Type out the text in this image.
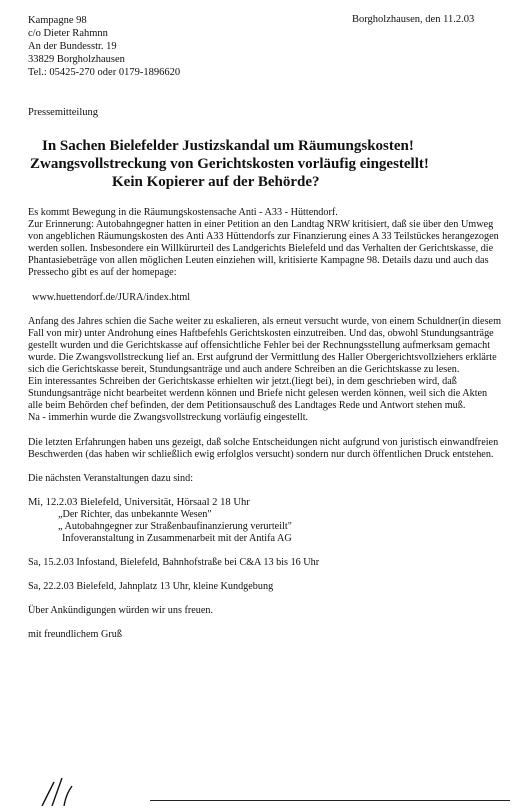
Kampagne 98
c/o Dieter Rahmnn
An der Bundesstr. 19
33829 Borgholzhausen
Tel.: 05425-270 oder 0179-1896620
Borgholzhausen, den 11.2.03
Pressemitteilung
In Sachen Bielefelder Justizskandal um Räumungskosten!
Zwangsvollstreckung von Gerichtskosten vorläufig eingestellt!
Kein Kopierer auf der Behörde?

Es kommt Bewegung in die Räumungskostensache Anti - A33 - Hüttendorf.

Zur Erinnerung: Autobahngegner hatten in einer Petition an den Landtag NRW kritisiert, daß sie über den Umweg von angeblichen Räumungskosten des Anti A33 Hüttendorfs zur Finanzierung eines A 33 Teilstückes herangezogen werden sollen. Insbesondere ein Willkürurteil des Landgerichts Bielefeld und das Verhalten der Gerichtskasse, die Phantasiebeträge von allen möglichen Leuten einziehen will, kritisierte Kampagne 98. Details dazu und auch das Pressecho gibt es auf der homepage:

www.huettendorf.de/JURA/index.html

Anfang des Jahres schien die Sache weiter zu eskalieren, als erneut versucht wurde, von einem Schuldner(in diesem Fall von mir) unter Androhung eines Haftbefehls Gerichtskosten einzutreiben. Und das, obwohl Stundungsanträge gestellt wurden und die Gerichtskasse auf offensichtliche Fehler bei der Rechnungsstellung aufmerksam gemacht wurde. Die Zwangsvollstreckung lief an. Erst aufgrund der Vermittlung des Haller Obergerichtsvollziehers erklärte sich die Gerichtskasse bereit, Stundungsanträge und auch andere Schreiben an die Gerichtskasse zu lesen.

Ein interessantes Schreiben der Gerichtskasse erhielten wir jetzt.(liegt bei), in dem geschrieben wird, daß Stundungsanträge nicht bearbeitet werdenn können und Briefe nicht gelesen werden können, weil sich die Akten alle beim Behörden chef befinden, der dem Petitionsauschuß des Landtages Rede und Antwort stehen muß.

Na - immerhin wurde die Zwangsvollstreckung vorläufig eingestellt.

Die letzten Erfahrungen haben uns gezeigt, daß solche Entscheidungen nicht aufgrund von juristisch einwandfreien Beschwerden (das haben wir schließlich ewig erfolglos versucht) sondern nur durch öffentlichen Druck entstehen.

Die nächsten Veranstaltungen dazu sind:

Mi, 12.2.03 Bielefeld, Universität, Hörsaal 2 18 Uhr

„Der Richter, das unbekannte Wesen"

„ Autobahngegner zur Straßenbaufinanzierung verurteilt"

Infoveranstaltung in Zusammenarbeit mit der Antifa AG

Sa, 15.2.03 Infostand, Bielefeld, Bahnhofstraße bei C&A 13 bis 16 Uhr

Sa, 22.2.03 Bielefeld, Jahnplatz 13 Uhr, kleine Kundgebung

Über Ankündigungen würden wir uns freuen.

mit freundlichem Gruß
